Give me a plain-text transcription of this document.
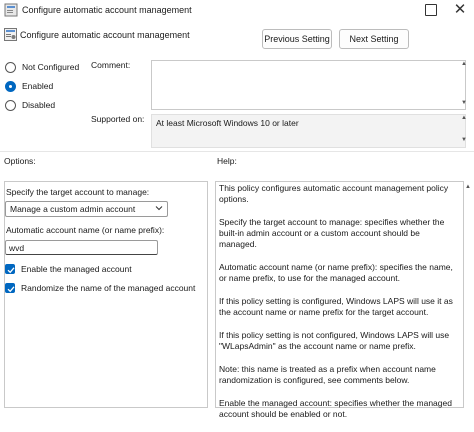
Configure automatic account management	✕
Configure automatic account management	Previous Setting	Next Setting
Not Configured
Enabled
Disabled
Comment:	▲
▼
Supported on:	At least Microsoft Windows 10 or later	▲
▼
Options:
Specify the target account to manage:
Manage a custom admin account
Automatic account name (or name prefix):
wvd
Enable the managed account
Randomize the name of the managed account
Help:

This policy configures automatic account management policy options.

Specify the target account to manage: specifies whether the built-in admin account or a custom account should be managed.

Automatic account name (or name prefix): specifies the name, or name prefix, to use for the managed account.

If this policy setting is configured, Windows LAPS will use it as the account name or name prefix for the target account.

If this policy setting is not configured, Windows LAPS will use "WLapsAdmin" as the account name or name prefix.

Note: this name is treated as a prefix when account name randomization is configured, see comments below.

Enable the managed account: specifies whether the managed account should be enabled or not.

▲
